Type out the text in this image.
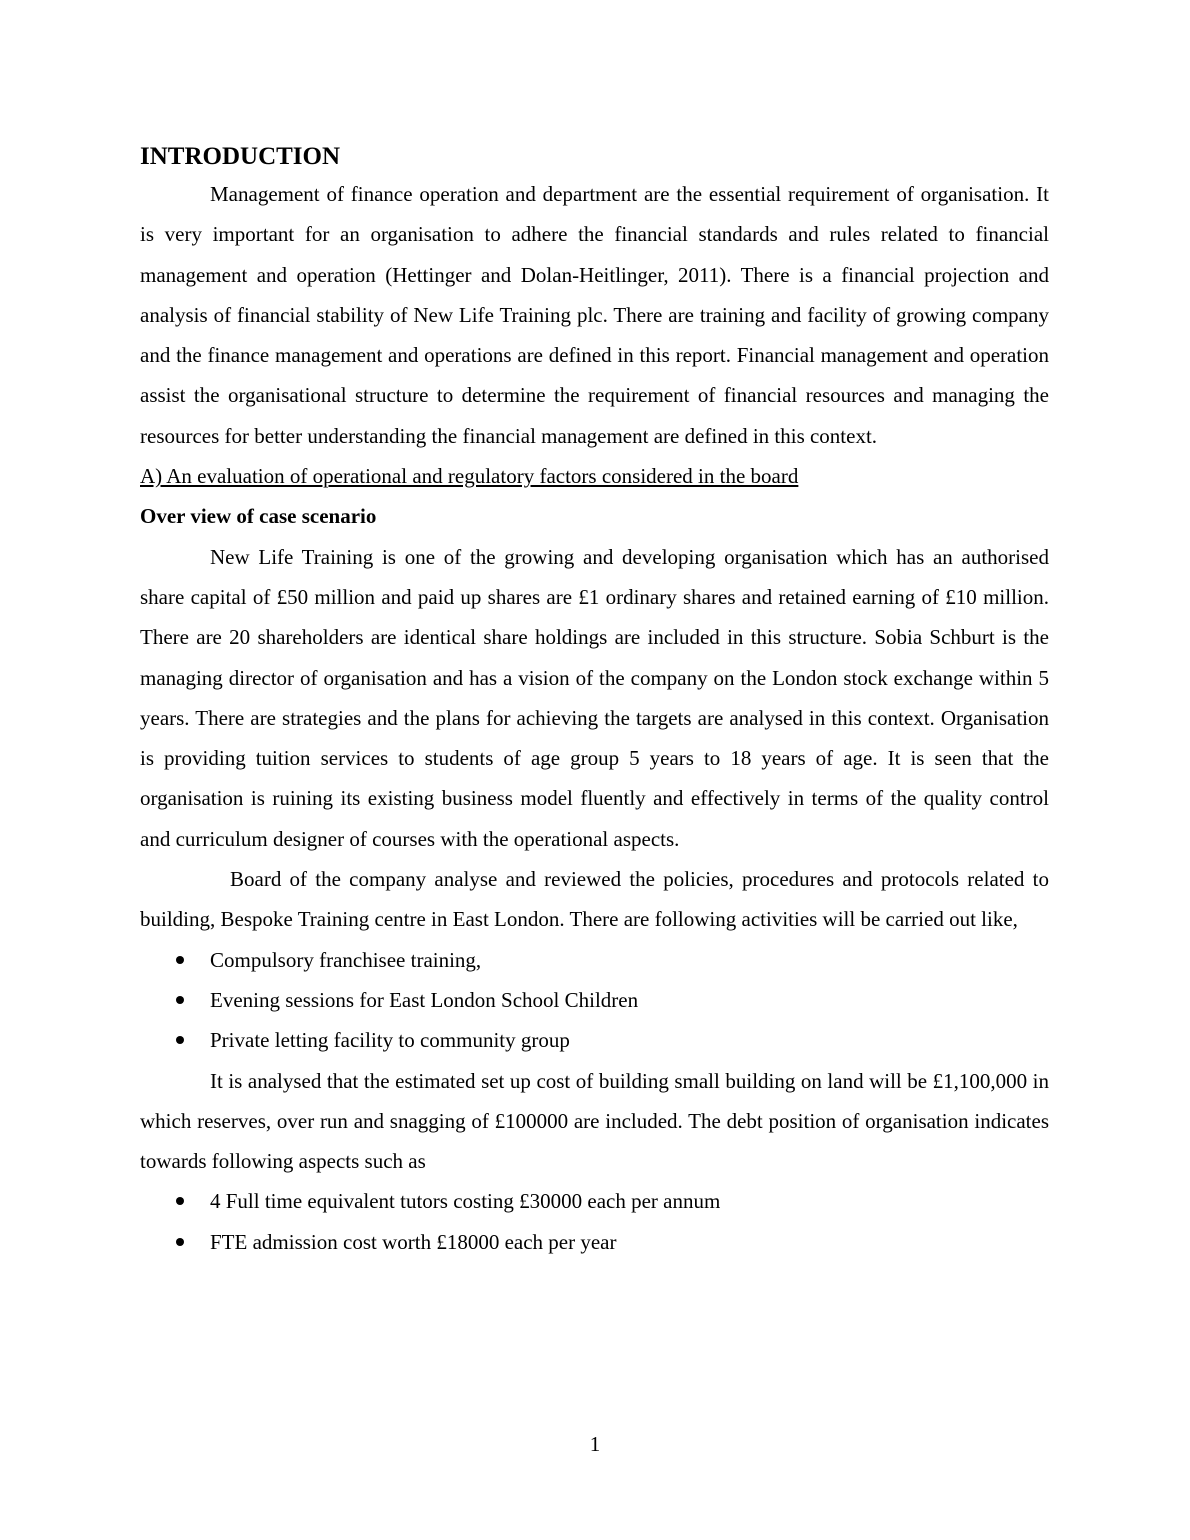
INTRODUCTION

Management of finance operation and department are the essential requirement of organisation. It is very important for an organisation to adhere the financial standards and rules related to financial management and operation (Hettinger and Dolan-Heitlinger, 2011). There is a financial projection and analysis of financial stability of New Life Training plc. There are training and facility of growing company and the finance management and operations are defined in this report. Financial management and operation assist the organisational structure to determine the requirement of financial resources and managing the resources for better understanding the financial management are defined in this context.

A) An evaluation of operational and regulatory factors considered in the board

Over view of case scenario

New Life Training is one of the growing and developing organisation which has an authorised share capital of £50 million and paid up shares are £1 ordinary shares and retained earning of £10 million. There are 20 shareholders are identical share holdings are included in this structure. Sobia Schburt is the managing director of organisation and has a vision of the company on the London stock exchange within 5 years. There are strategies and the plans for achieving the targets are analysed in this context. Organisation is providing tuition services to students of age group 5 years to 18 years of age. It is seen that the organisation is ruining its existing business model fluently and effectively in terms of the quality control and curriculum designer of courses with the operational aspects.

Board of the company analyse and reviewed the policies, procedures and protocols related to building, Bespoke Training centre in East London. There are following activities will be carried out like,

Compulsory franchisee training,
Evening sessions for East London School Children
Private letting facility to community group

It is analysed that the estimated set up cost of building small building on land will be £1,100,000 in which reserves, over run and snagging of £100000 are included. The debt position of organisation indicates towards following aspects such as

4 Full time equivalent tutors costing £30000 each per annum
FTE admission cost worth £18000 each per year
1
